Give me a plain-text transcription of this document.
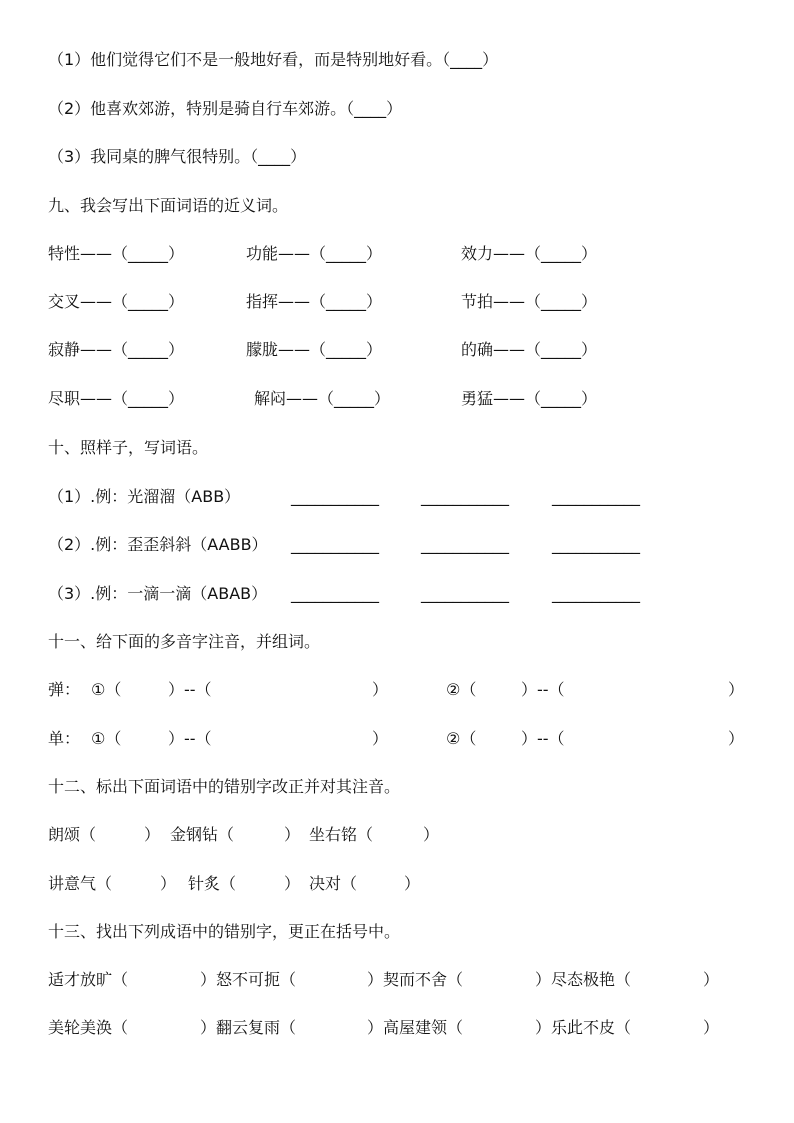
（1）他们觉得它们不是一般地好看，而是特别地好看。（____）
（2）他喜欢郊游，特别是骑自行车郊游。（____）
（3）我同桌的脾气很特别。（____）
九、我会写出下面词语的近义词。
特性——（_____）	功能——（_____）	效力——（_____）
交叉——（_____）	指挥——（_____）	节拍——（_____）
寂静——（_____）	朦胧——（_____）	的确——（_____）
尽职——（_____）	解闷——（_____）	勇猛——（_____）
十、照样子，写词语。
（1）.例：光溜溜（ABB）	___________	___________	___________
（2）.例：歪歪斜斜（AABB） ___________	___________	___________
（3）.例：一滴一滴（ABAB） ___________	___________	___________
十一、给下面的多音字注音，并组词。
弹： ①（	）--（	）	②（	）--（	）
单： ①（	）--（	）	②（	）--（	）
十二、标出下面词语中的错别字改正并对其注音。
朗颂（	） 金钢钻（	） 坐右铭（	）
讲意气（	） 针炙（	） 决对（	）
十三、找出下列成语中的错别字，更正在括号中。
适才放旷（	）怒不可扼（	）契而不舍（	）尽态极艳（	）
美轮美涣（	）翻云复雨（	）高屋建领（	）乐此不皮（	）
